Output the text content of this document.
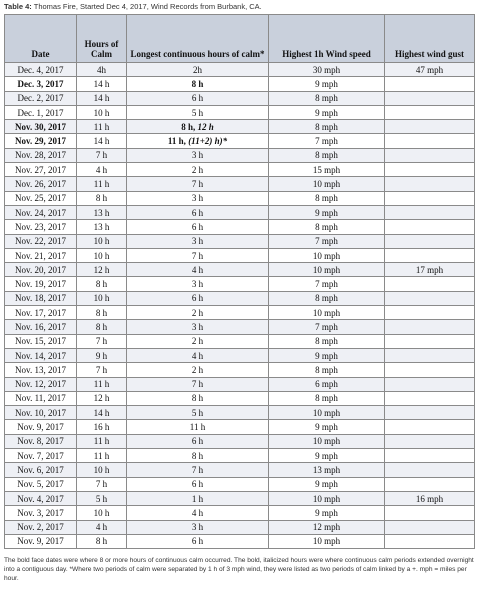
Table 4: Thomas Fire, Started Dec 4, 2017, Wind Records from Burbank, CA.
Date	Hours of Calm	Longest continuous hours of calm*	Highest 1h Wind speed	Highest wind gust
Dec. 4, 2017	4h	2h	30 mph	47 mph
Dec. 3, 2017	14 h	8 h	9 mph	
Dec. 2, 2017	14 h	6 h	8 mph	
Dec. 1, 2017	10 h	5 h	9 mph	
Nov. 30, 2017	11 h	8 h, 12 h	8 mph	
Nov. 29, 2017	14 h	11 h, (11+2) h)*	7 mph	
Nov. 28, 2017	7 h	3 h	8 mph	
Nov. 27, 2017	4 h	2 h	15 mph	
Nov. 26, 2017	11 h	7 h	10 mph	
Nov. 25, 2017	8 h	3 h	8 mph	
Nov. 24, 2017	13 h	6 h	9 mph	
Nov. 23, 2017	13 h	6 h	8 mph	
Nov. 22, 2017	10 h	3 h	7 mph	
Nov. 21, 2017	10 h	7 h	10 mph	
Nov. 20, 2017	12 h	4 h	10 mph	17 mph
Nov. 19, 2017	8 h	3 h	7 mph	
Nov. 18, 2017	10 h	6 h	8 mph	
Nov. 17, 2017	8 h	2 h	10 mph	
Nov. 16, 2017	8 h	3 h	7 mph	
Nov. 15, 2017	7 h	2 h	8 mph	
Nov. 14, 2017	9 h	4 h	9 mph	
Nov. 13, 2017	7 h	2 h	8 mph	
Nov. 12, 2017	11 h	7 h	6 mph	
Nov. 11, 2017	12 h	8 h	8 mph	
Nov. 10, 2017	14 h	5 h	10 mph	
Nov. 9, 2017	16 h	11 h	9 mph	
Nov. 8, 2017	11 h	6 h	10 mph	
Nov. 7, 2017	11 h	8 h	9 mph	
Nov. 6, 2017	10 h	7 h	13 mph	
Nov. 5, 2017	7 h	6 h	9 mph	
Nov. 4, 2017	5 h	1 h	10 mph	16 mph
Nov. 3, 2017	10 h	4 h	9 mph	
Nov. 2, 2017	4 h	3 h	12 mph	
Nov. 9, 2017	8 h	6 h	10 mph	
The bold face dates were where 8 or more hours of continuous calm occurred. The bold, italicized hours were where continuous calm periods extended overnight into a contiguous day. *Where two periods of calm were separated by 1 h of 3 mph wind, they were listed as two periods of calm linked by a +. mph = miles per hour.
